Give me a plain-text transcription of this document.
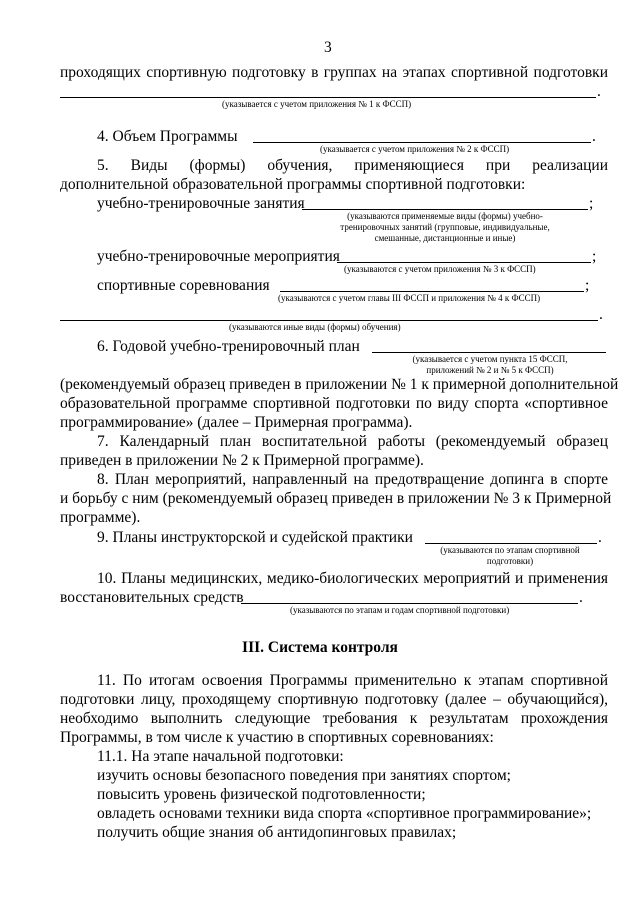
3
проходящих спортивную подготовку в группах на этапах спортивной подготовки
.
(указывается с учетом приложения № 1 к ФССП)
4. Объем Программы	.
(указывается с учетом приложения № 2 к ФССП)
5. Виды (формы) обучения, применяющиеся при реализации
дополнительной образовательной программы спортивной подготовки:
учебно-тренировочные занятия	;
(указываются применяемые виды (формы) учебно-
тренировочных занятий (групповые, индивидуальные,
смешанные, дистанционные и иные)
учебно-тренировочные мероприятия	;
(указываются с учетом приложения № 3 к ФССП)
спортивные соревнования	;
(указываются с учетом главы III ФССП и приложения № 4 к ФССП)
.
(указываются иные виды (формы) обучения)
6. Годовой учебно-тренировочный план
(указывается с учетом пункта 15 ФССП,
приложений № 2 и № 5 к ФССП)
(рекомендуемый образец приведен в приложении № 1 к примерной дополнительной
образовательной программе спортивной подготовки по виду спорта «спортивное
программирование» (далее – Примерная программа).
7. Календарный план воспитательной работы (рекомендуемый образец
приведен в приложении № 2 к Примерной программе).
8. План мероприятий, направленный на предотвращение допинга в спорте
и борьбу с ним (рекомендуемый образец приведен в приложении № 3 к Примерной
программе).
9. Планы инструкторской и судейской практики	.
(указываются по этапам спортивной
подготовки)
10. Планы медицинских, медико-биологических мероприятий и применения
восстановительных средств	.
(указываются по этапам и годам спортивной подготовки)
III. Система контроля
11. По итогам освоения Программы применительно к этапам спортивной
подготовки лицу, проходящему спортивную подготовку (далее – обучающийся),
необходимо выполнить следующие требования к результатам прохождения
Программы, в том числе к участию в спортивных соревнованиях:
11.1. На этапе начальной подготовки:
изучить основы безопасного поведения при занятиях спортом;
повысить уровень физической подготовленности;
овладеть основами техники вида спорта «спортивное программирование»;
получить общие знания об антидопинговых правилах;
